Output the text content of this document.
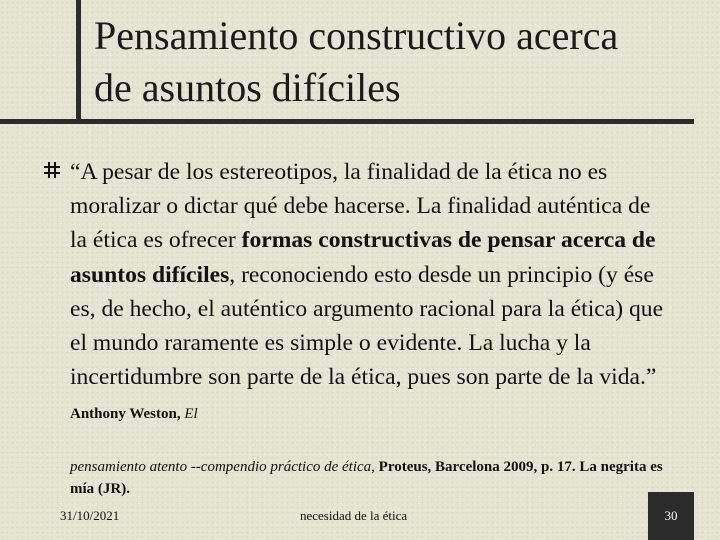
Pensamiento constructivo acerca
de asuntos difíciles

“A pesar de los estereotipos, la finalidad de la ética no es moralizar o dictar qué debe hacerse. La finalidad auténtica de la ética es ofrecer formas constructivas de pensar acerca de asuntos difíciles, reconociendo esto desde un principio (y ése es, de hecho, el auténtico argumento racional para la ética) que el mundo raramente es simple o evidente. La lucha y la incertidumbre son parte de la ética, pues son parte de la vida.” Anthony Weston, El

pensamiento atento --compendio práctico de ética, Proteus, Barcelona 2009, p. 17. La negrita es mía (JR).

31/10/2021	necesidad de la ética	30
